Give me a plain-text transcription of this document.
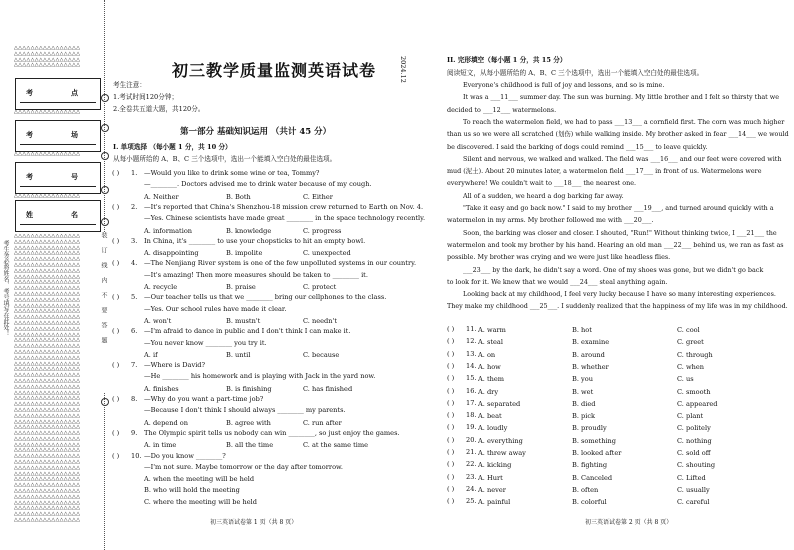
△△△△△△△△△△△△△△△△
△△△△△△△△△△△△△△△△
△△△△△△△△△△△△△△△△
△△△△△△△△△△△△△△△△
考	点
△△△△△△△△△△△△△△△△
考	场
△△△△△△△△△△△△△△△△
考	号
△△△△△△△△△△△△△△△△
姓	名
△△△△△△△△△△△△△△△△
△△△△△△△△△△△△△△△△
△△△△△△△△△△△△△△△△
△△△△△△△△△△△△△△△△
△△△△△△△△△△△△△△△△
△△△△△△△△△△△△△△△△
△△△△△△△△△△△△△△△△
△△△△△△△△△△△△△△△△
△△△△△△△△△△△△△△△△
△△△△△△△△△△△△△△△△
△△△△△△△△△△△△△△△△
△△△△△△△△△△△△△△△△
△△△△△△△△△△△△△△△△
△△△△△△△△△△△△△△△△
△△△△△△△△△△△△△△△△
△△△△△△△△△△△△△△△△
△△△△△△△△△△△△△△△△
△△△△△△△△△△△△△△△△
△△△△△△△△△△△△△△△△
△△△△△△△△△△△△△△△△
△△△△△△△△△△△△△△△△
△△△△△△△△△△△△△△△△
△△△△△△△△△△△△△△△△
△△△△△△△△△△△△△△△△
△△△△△△△△△△△△△△△△
△△△△△△△△△△△△△△△△
△△△△△△△△△△△△△△△△
△△△△△△△△△△△△△△△△
△△△△△△△△△△△△△△△△
△△△△△△△△△△△△△△△△
△△△△△△△△△△△△△△△△
△△△△△△△△△△△△△△△△
△△△△△△△△△△△△△△△△
△△△△△△△△△△△△△△△△
△△△△△△△△△△△△△△△△
△△△△△△△△△△△△△△△△
△△△△△△△△△△△△△△△△
△△△△△△△△△△△△△△△△
△△△△△△△△△△△△△△△△
△△△△△△△△△△△△△△△△
△△△△△△△△△△△△△△△△
△△△△△△△△△△△△△△△△
△△△△△△△△△△△△△△△△
△△△△△△△△△△△△△△△△
△△△△△△△△△△△△△△△△
△△△△△△△△△△△△△△△△
△△△△△△△△△△△△△△△△
△△△△△△△△△△△△△△△△
△△△△△△△△△△△△△△△△
△△△△△△△△△△△△△△△△
考生务必将姓名、考号填写在此处！	装订线内不要答题
初三教学质量监测英语试卷	2024.12
考生注意：
1.考试时间120分钟；
2.全卷共五道大题，共120分。
第一部分 基础知识运用 （共计 45 分）
I. 单项选择 （每小题 1 分，共 10 分）
从每小题所给的 A、B、C 三个选项中，选出一个能填入空白处的最佳选项。
( ) 1. —Would you like to drink some wine or tea, Tommy?
—________. Doctors advised me to drink water because of my cough.
A. Neither	B. Both	C. Either
( ) 2. —It's reported that China's Shenzhou-18 mission crew returned to Earth on Nov. 4.
—Yes. Chinese scientists have made great ________ in the space technology recently.
A. information	B. knowledge	C. progress
( ) 3. In China, it's ________ to use your chopsticks to hit an empty bowl.
A. disappointing	B. impolite	C. unexpected
( ) 4. —The Nenjiang River system is one of the few unpolluted systems in our country.
—It's amazing! Then more measures should be taken to ________ it.
A. recycle	B. praise	C. protect
( ) 5. —Our teacher tells us that we ________ bring our cellphones to the class.
—Yes. Our school rules have made it clear.
A. won't	B. mustn't	C. needn't
( ) 6. —I'm afraid to dance in public and I don't think I can make it.
—You never know ________ you try it.
A. if	B. until	C. because
( ) 7. —Where is David?
—He ________ his homework and is playing with Jack in the yard now.
A. finishes	B. is finishing	C. has finished
( ) 8. —Why do you want a part-time job?
—Because I don't think I should always ________ my parents.
A. depend on	B. agree with	C. run after
( ) 9. The Olympic spirit tells us nobody can win ________, so just enjoy the games.
A. in time	B. all the time	C. at the same time
( ) 10. —Do you know ________?
—I'm not sure. Maybe tomorrow or the day after tomorrow.
A. when the meeting will be held
B. who will hold the meeting
C. where the meeting will be held
初三英语试卷第 1 页（共 8 页）
II. 完形填空（每小题 1 分，共 15 分）
阅读短文，从每小题所给的 A、B、C 三个选项中，选出一个能填入空白处的最佳选项。
Everyone's childhood is full of joy and lessons, and so is mine.
It was a ___11___ summer day. The sun was burning. My little brother and I felt so thirsty that we
decided to ___12___ watermelons.
To reach the watermelon field, we had to pass ___13___ a cornfield first. The corn was much higher
than us so we were all scratched (划伤) while walking inside. My brother asked in fear ___14___ we would
be discovered. I said the barking of dogs could remind ___15___ to leave quickly.
Silent and nervous, we walked and walked. The field was ___16___ and our feet were covered with
mud (泥土). About 20 minutes later, a watermelon field ___17___ in front of us. Watermelons were
everywhere! We couldn't wait to ___18___ the nearest one.
All of a sudden, we heard a dog barking far away.
"Take it easy and go back now." I said to my brother ___19___, and turned around quickly with a
watermelon in my arms. My brother followed me with ___20___.
Soon, the barking was closer and closer. I shouted, "Run!" Without thinking twice, I ___21___ the
watermelon and took my brother by his hand. Hearing an old man ___22___ behind us, we ran as fast as
possible. My brother was crying and we were just like headless flies.
___23___ by the dark, he didn't say a word. One of my shoes was gone, but we didn't go back
to look for it. We knew that we would ___24___ steal anything again.
Looking back at my childhood, I feel very lucky because I have so many interesting experiences.
They make my childhood ___25___. I suddenly realized that the happiness of my life was in my childhood.
( ) 11. A. warm	B. hot	C. cool
( ) 12. A. steal	B. examine	C. greet
( ) 13. A. on	B. around	C. through
( ) 14. A. how	B. whether	C. when
( ) 15. A. them	B. you	C. us
( ) 16. A. dry	B. wet	C. smooth
( ) 17. A. separated	B. died	C. appeared
( ) 18. A. beat	B. pick	C. plant
( ) 19. A. loudly	B. proudly	C. politely
( ) 20. A. everything	B. something	C. nothing
( ) 21. A. threw away	B. looked after	C. sold off
( ) 22. A. kicking	B. fighting	C. shouting
( ) 23. A. Hurt	B. Canceled	C. Lifted
( ) 24. A. never	B. often	C. usually
( ) 25. A. painful	B. colorful	C. careful
初三英语试卷第 2 页（共 8 页）
